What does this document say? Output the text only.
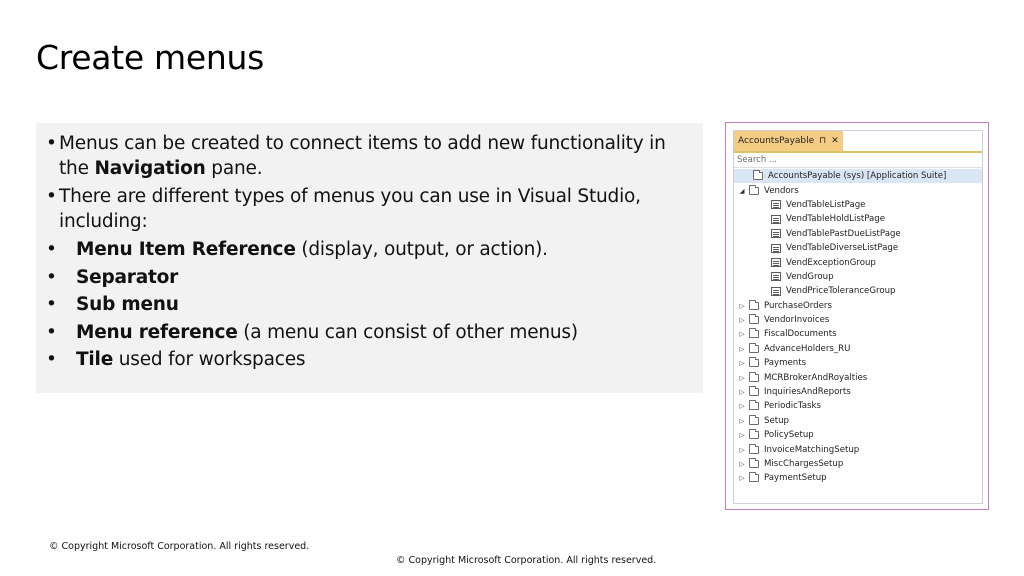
Create menus
• Menus can be created to connect items to add new functionality in the Navigation pane.
• There are different types of menus you can use in Visual Studio, including:
• Menu Item Reference (display, output, or action).
• Separator
• Sub menu
• Menu reference (a menu can consist of other menus)
• Tile used for workspaces
AccountsPayable ⊓ ✕
Search ...
AccountsPayable (sys) [Application Suite]
◢ Vendors
VendTableListPage
VendTableHoldListPage
VendTablePastDueListPage
VendTableDiverseListPage
VendExceptionGroup
VendGroup
VendPriceToleranceGroup
▷ PurchaseOrders
▷ VendorInvoices
▷ FiscalDocuments
▷ AdvanceHolders_RU
▷ Payments
▷ MCRBrokerAndRoyalties
▷ InquiriesAndReports
▷ PeriodicTasks
▷ Setup
▷ PolicySetup
▷ InvoiceMatchingSetup
▷ MiscChargesSetup
▷ PaymentSetup

© Copyright Microsoft Corporation. All rights reserved.

© Copyright Microsoft Corporation. All rights reserved.
